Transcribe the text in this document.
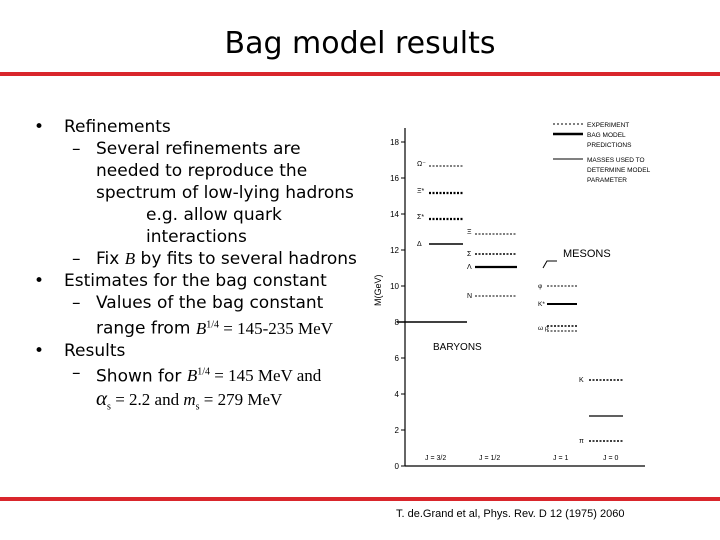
Bag model results
• Refinements
– Several refinements are
needed to reproduce the
spectrum of low-lying hadrons
e.g. allow quark interactions
– Fix B by fits to several hadrons
• Estimates for the bag constant
– Values of the bag constant
range from $B^{1/4} = 145-235$ MeV
• Results
– Shown for $B^{1/4} = 145$ MeV and
$\alpha_s = 2.2$ and $m_s = 279$ MeV
0
2
4
6
8
10
12
14
16
18
M(GeV)
EXPERIMENT
BAG MODEL
PREDICTIONS
MASSES USED TO
DETERMINE MODEL
PARAMETER
Ω⁻
Ξ*
Σ*
Δ
Ξ
Σ
Λ
N
BARYONS
MESONS
φ
K*
ω ρ
K
π
J = 3/2	J = 1/2	J = 1	J = 0
T. de.Grand et al, Phys. Rev. D 12 (1975) 2060
